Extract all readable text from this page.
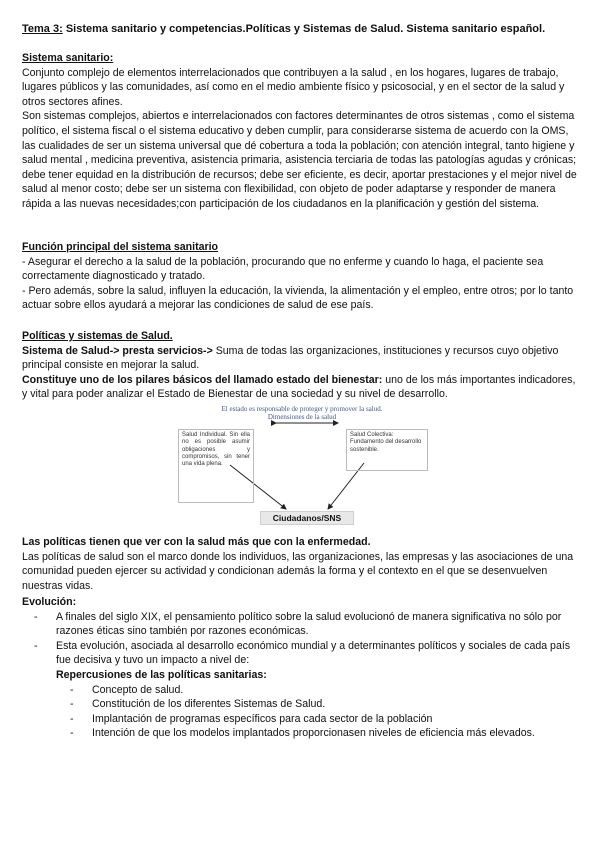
Tema 3: Sistema sanitario y competencias.Políticas y Sistemas de Salud. Sistema sanitario español.

Sistema sanitario:

Conjunto complejo de elementos interrelacionados que contribuyen a la salud , en los hogares, lugares de trabajo, lugares públicos y las comunidades, así como en el medio ambiente físico y psicosocial, y en el sector de la salud y otros sectores afines.

Son sistemas complejos, abiertos e interrelacionados con factores determinantes de otros sistemas , como el sistema político, el sistema fiscal o el sistema educativo y deben cumplir, para considerarse sistema de acuerdo con la OMS, las cualidades de ser un sistema universal que dé cobertura a toda la población; con atención integral, tanto higiene y salud mental , medicina preventiva, asistencia primaria, asistencia terciaria de todas las patologías agudas y crónicas; debe tener equidad en la distribución de recursos; debe ser eficiente, es decir, aportar prestaciones y el mejor nivel de salud al menor costo; debe ser un sistema con flexibilidad, con objeto de poder adaptarse y responder de manera rápida a las nuevas necesidades;con participación de los ciudadanos en la planificación y gestión del sistema.

Función principal del sistema sanitario

- Asegurar el derecho a la salud de la población, procurando que no enferme y cuando lo haga, el paciente sea correctamente diagnosticado y tratado.

- Pero además, sobre la salud, influyen la educación, la vivienda, la alimentación y el empleo, entre otros; por lo tanto actuar sobre ellos ayudará a mejorar las condiciones de salud de ese país.

Políticas y sistemas de Salud.

Sistema de Salud-> presta servicios-> Suma de todas las organizaciones, instituciones y recursos cuyo objetivo principal consiste en mejorar la salud.

Constituye uno de los pilares básicos del llamado estado del bienestar: uno de los más importantes indicadores, y vital para poder analizar el Estado de Bienestar de una sociedad y su nivel de desarrollo.

El estado es responsable de proteger y promover la salud.
Dimensiones de la salud
Salud Individual. Sin ella no es posible asumir obligaciones y compromisos, sin tener una vida plena.
Salud Colectiva: Fundamento del desarrollo sostenible.
Ciudadanos/SNS

Las políticas tienen que ver con la salud más que con la enfermedad.

Las políticas de salud son el marco donde los individuos, las organizaciones, las empresas y las asociaciones de una comunidad pueden ejercer su actividad y condicionan además la forma y el contexto en el que se desenvuelven nuestras vidas.

Evolución:

- A finales del siglo XIX, el pensamiento político sobre la salud evolucionó de manera significativa no sólo por razones éticas sino también por razones económicas.
- Esta evolución, asociada al desarrollo económico mundial y a determinantes políticos y sociales de cada país fue decisiva y tuvo un impacto a nivel de:

Repercusiones de las políticas sanitarias:

- Concepto de salud.
- Constitución de los diferentes Sistemas de Salud.
- Implantación de programas específicos para cada sector de la población
- Intención de que los modelos implantados proporcionasen niveles de eficiencia más elevados.
